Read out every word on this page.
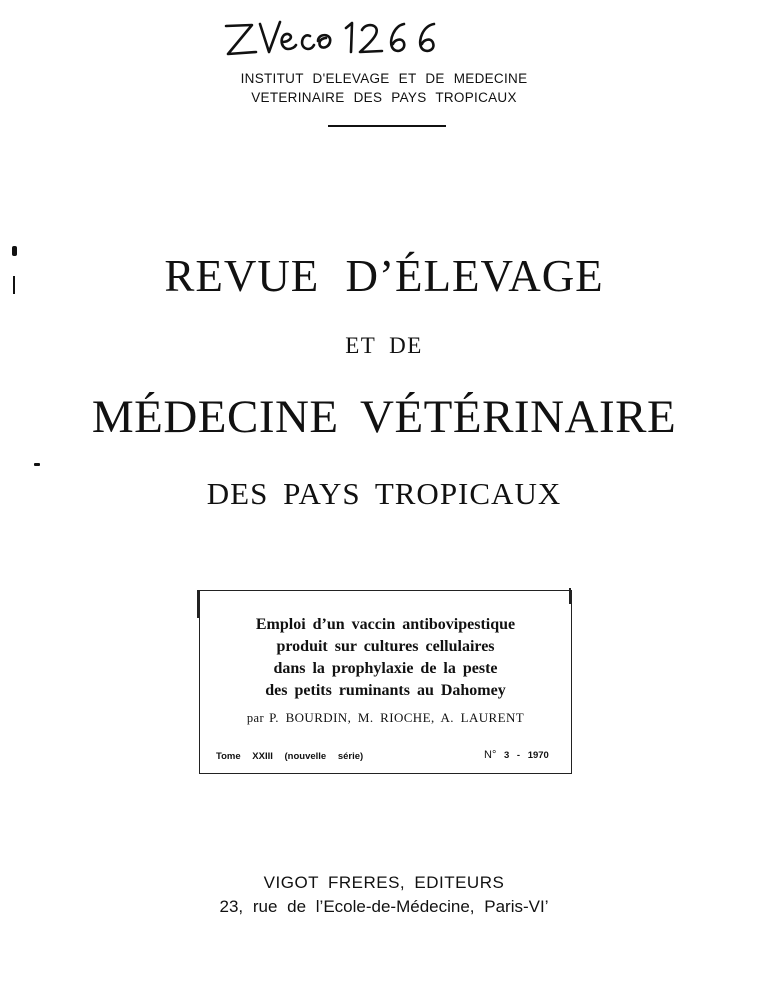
INSTITUT D'ELEVAGE ET DE MEDECINE
VETERINAIRE DES PAYS TROPICAUX
REVUE D’ÉLEVAGE
ET DE
MÉDECINE VÉTÉRINAIRE
DES PAYS TROPICAUX
Emploi d’un vaccin antibovipestique
produit sur cultures cellulaires
dans la prophylaxie de la peste
des petits ruminants au Dahomey
par P. BOURDIN, M. RIOCHE, A. LAURENT
Tome XXIII (nouvelle série)	N° 3 - 1970
VIGOT FRERES, EDITEURS
23, rue de l’Ecole-de-Médecine, Paris-VI’
